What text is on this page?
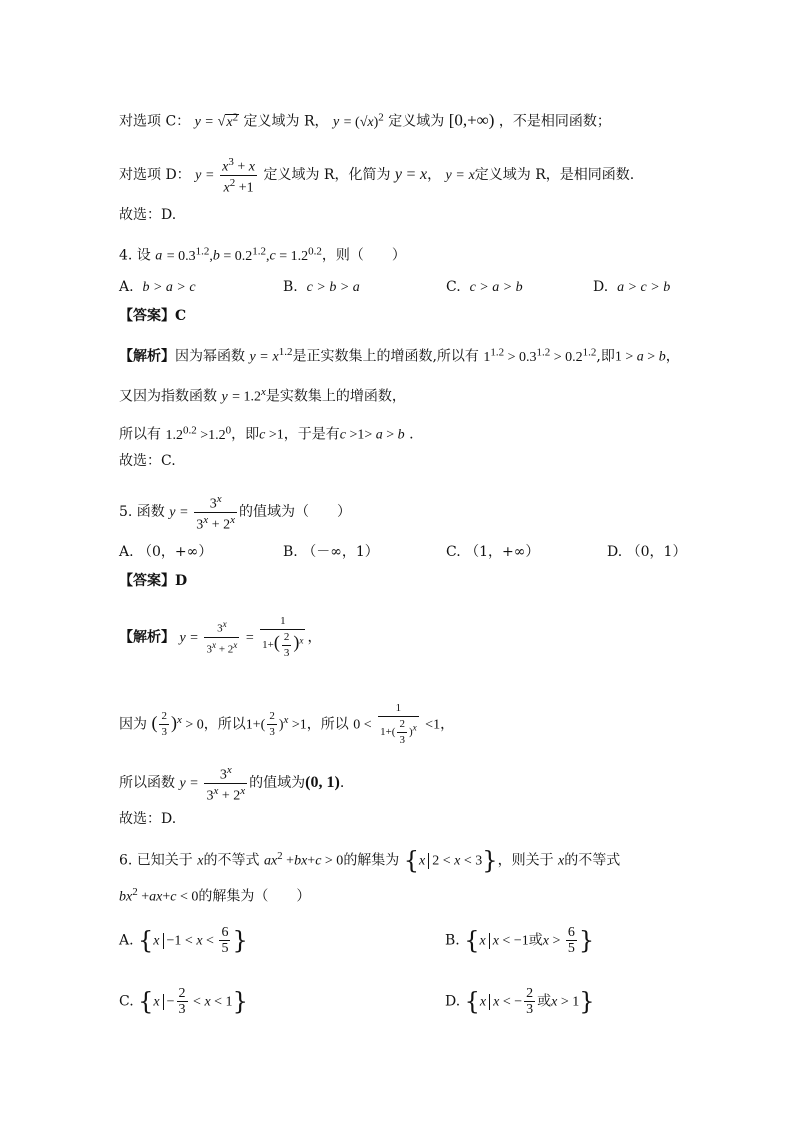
对选项 C： $y = √x^2$ 定义域为 R， $y = (√x)^2$ 定义域为 [0,+∞) ，不是相同函数；
对选项 D： $y = \frac{x^3 + x}{x^2 +1}$ 定义域为 R，化简为 y = x， y = x定义域为 R，是相同函数.
故选：D.
4. 设 $a = 0.3^{1.2},b = 0.2^{1.2},c = 1.2^{0.2}$，则（　　）
A. b > a > c	B. c > b > a	C. c > a > b	D. a > c > b
【答案】C
【解析】因为幂函数 $y = x^{1.2}$是正实数集上的增函数,所以有 $1^{1.2} > 0.3^{1.2} > 0.2^{1.2}$,即1 > a > b，
又因为指数函数 $y = 1.2^x$是实数集上的增函数，
所以有 $1.2^{0.2} >1.2^0$，即c >1，于是有c >1> a > b .
故选：C.
5. 函数 $y = \frac{3^x}{3^x + 2^x}$ 的值域为（　　）
A. （0，+∞）	B. （－∞，1）	C. （1，+∞）	D. （0，1）
【答案】D
【解析】 $y = \frac{3^x}{3^x + 2^x} = \frac{1}{1+( \frac{2}{3} )^x}$ ，
因为 ( $\frac{2}{3} )^x > 0$，所以$1+( \frac{2}{3} )^x >1$，所以 $0 < \frac{1}{1+( \frac{2}{3} )^x} <1$，
所以函数 $y = \frac{3^x}{3^x + 2^x}$ 的值域为(0, 1).
故选：D.
6. 已知关于 x的不等式 $ax^2 +bx+c > 0$的解集为 {x 2 < x < 3}，则关于 x的不等式
$bx^2 +ax+c < 0$的解集为（　　）
A. {$x -1 < x < \frac{6}{5}$ }	B. {x x < −1或$x > \frac{6}{5}$ }
C. $\{x - \frac{2}{3} < x < 1\}$	D. {x x < − $\frac{2}{3}$ 或x > 1}
